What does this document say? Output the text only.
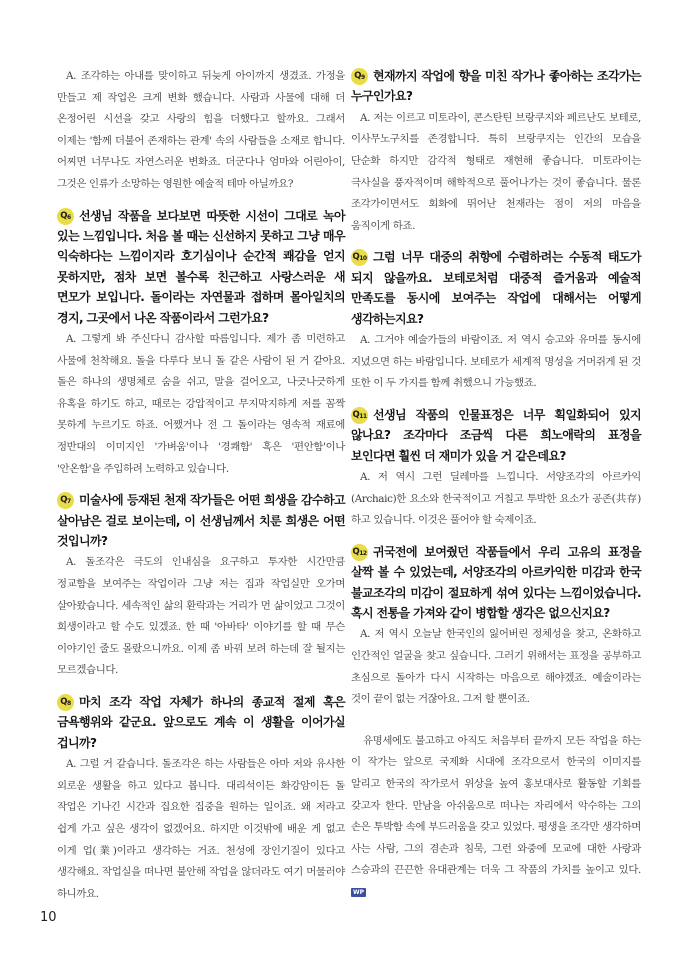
A. 조각하는 아내를 맞이하고 뒤늦게 아이까지 생겼죠. 가정을 만들고 제 작업은 크게 변화 했습니다. 사람과 사물에 대해 더 온정어린 시선을 갖고 사랑의 힘을 더했다고 할까요. 그래서 이제는 '함께 더불어 존재하는 관계' 속의 사람들을 소재로 합니다. 어찌면 너무나도 자연스러운 변화죠. 더군다나 엄마와 어린아이, 그것은 인류가 소망하는 영원한 예술적 테마 아닐까요?

Q6 선생님 작품을 보다보면 따뜻한 시선이 그대로 녹아 있는 느낌입니다. 처음 볼 때는 신선하지 못하고 그냥 매우 익숙하다는 느낌이지라 호기심이나 순간적 쾌감을 얻지 못하지만, 점차 보면 볼수록 친근하고 사랑스러운 새 면모가 보입니다. 돌이라는 자연물과 접하며 몰아일치의 경지, 그곳에서 나온 작품이라서 그런가요?

A. 그렇게 봐 주신다니 감사할 따름입니다. 제가 좀 미련하고 사물에 천착해요. 돌을 다루다 보니 돌 같은 사람이 된 거 같아요. 돌은 하나의 생명체로 숨을 쉬고, 말을 걸어오고, 나긋나긋하게 유혹을 하기도 하고, 때로는 강압적이고 무지막지하게 저를 꼼짝 못하게 누르기도 하죠. 어쨌거나 전 그 돌이라는 영속적 재료에 정반대의 이미지인 '가벼움'이나 '경쾌함' 혹은 '편안함'이나 '안온함'을 주입하려 노력하고 있습니다.

Q7 미술사에 등재된 천재 작가들은 어떤 희생을 감수하고 살아남은 걸로 보이는데, 이 선생님께서 치룬 희생은 어떤 것입니까?

A. 돌조각은 극도의 인내심을 요구하고 투자한 시간만큼 정교함을 보여주는 작업이라 그냥 저는 집과 작업실만 오가며 살아왔습니다. 세속적인 삶의 환락과는 거리가 먼 삶이었고 그것이 희생이라고 할 수도 있겠죠. 한 때 '아바타' 이야기를 할 때 무슨 이야기인 줄도 몰랐으니까요. 이제 좀 바꿔 보려 하는데 잘 될지는 모르겠습니다.

Q8 마치 조각 작업 자체가 하나의 종교적 절제 혹은 금욕행위와 같군요. 앞으로도 계속 이 생활을 이어가실 겁니까?

A. 그럴 거 같습니다. 돌조각은 하는 사람들은 아마 저와 유사한 외로운 생활을 하고 있다고 봅니다. 대리석이든 화강암이든 돌 작업은 기나긴 시간과 집요한 집중을 원하는 일이죠. 왜 저라고 쉽게 가고 싶은 생각이 없겠어요. 하지만 이것밖에 배운 게 없고 이게 업(業)이라고 생각하는 거죠. 천성에 장인기질이 있다고 생각해요. 작업실을 떠나면 불안해 작업을 않더라도 여기 머물러야 하니까요.

Q9 현재까지 작업에 향을 미친 작가나 좋아하는 조각가는 누구인가요?

A. 저는 이르고 미토라이, 콘스탄틴 브랑쿠지와 페르난도 보테로, 이사무노구치를 존경합니다. 특히 브랑쿠지는 인간의 모습을 단순화 하지만 감각적 형태로 재현해 좋습니다. 미토라이는 극사실을 풍자적이며 해학적으로 풀어나가는 것이 좋습니다. 물론 조각가이면서도 회화에 뛰어난 천재라는 점이 저의 마음을 움직이게 하죠.

Q10 그럼 너무 대중의 취향에 수렴하려는 수동적 태도가 되지 않을까요. 보테로처럼 대중적 즐거움과 예술적 만족도를 동시에 보여주는 작업에 대해서는 어떻게 생각하는지요?

A. 그거야 예술가들의 바람이죠. 저 역시 승고와 유머를 동시에 지녔으면 하는 바람입니다. 보테로가 세계적 명성을 거머쥐게 된 것 또한 이 두 가지를 함께 취했으니 가능했죠.

Q11 선생님 작품의 인물표정은 너무 획일화되어 있지 않나요? 조각마다 조금씩 다른 희노애락의 표정을 보인다면 훨씬 더 재미가 있을 거 같은데요?

A. 저 역시 그런 딜레마를 느낍니다. 서양조각의 아르카익(Archaic)한 요소와 한국적이고 거칠고 투박한 요소가 공존(共存)하고 있습니다. 이것은 풀어야 할 숙제이죠.

Q12 귀국전에 보여줬던 작품들에서 우리 고유의 표정을 살짝 볼 수 있었는데, 서양조각의 아르카익한 미감과 한국 불교조각의 미감이 절묘하게 섞여 있다는 느낌이었습니다. 혹시 전통을 가져와 같이 병합할 생각은 없으신지요?

A. 저 역시 오늘날 한국인의 잃어버린 정체성을 찾고, 온화하고 인간적인 얼굴을 찾고 싶습니다. 그러기 위해서는 표정을 공부하고 초심으로 돌아가 다시 시작하는 마음으로 해야겠죠. 예술이라는 것이 끝이 없는 거잖아요. 그저 할 뿐이죠.

유명세에도 불고하고 아직도 처음부터 끝까지 모든 작업을 하는 이 작가는 앞으로 국제화 시대에 조각으로서 한국의 이미지를 알리고 한국의 작가로서 위상을 높여 홍보대사로 활동할 기회를 갖고자 한다. 만남을 아쉬움으로 떠나는 자리에서 악수하는 그의 손은 투박함 속에 부드러움을 갖고 있었다. 평생을 조각만 생각하며 사는 사람, 그의 겸손과 침묵, 그런 와중에 모교에 대한 사랑과 스승과의 끈끈한 유대관계는 더욱 그 작품의 가치를 높이고 있다. WP

10
